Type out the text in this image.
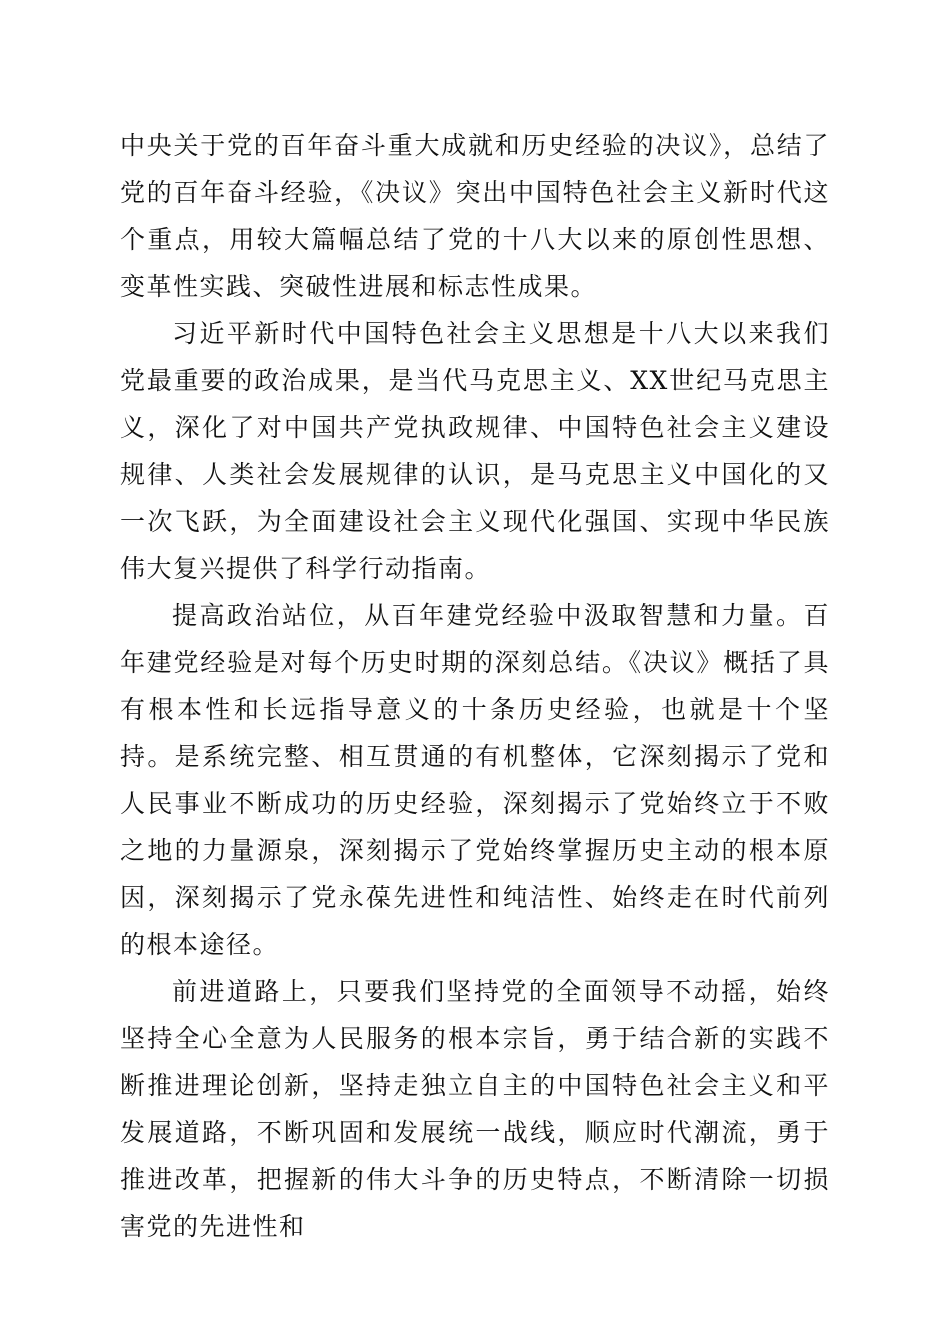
中央关于党的百年奋斗重大成就和历史经验的决议》，总结了党的百年奋斗经验，《决议》突出中国特色社会主义新时代这个重点，用较大篇幅总结了党的十八大以来的原创性思想、变革性实践、突破性进展和标志性成果。

习近平新时代中国特色社会主义思想是十八大以来我们党最重要的政治成果，是当代马克思主义、XX世纪马克思主义，深化了对中国共产党执政规律、中国特色社会主义建设规律、人类社会发展规律的认识，是马克思主义中国化的又一次飞跃，为全面建设社会主义现代化强国、实现中华民族伟大复兴提供了科学行动指南。

提高政治站位，从百年建党经验中汲取智慧和力量。百年建党经验是对每个历史时期的深刻总结。《决议》概括了具有根本性和长远指导意义的十条历史经验，也就是十个坚持。是系统完整、相互贯通的有机整体，它深刻揭示了党和人民事业不断成功的历史经验，深刻揭示了党始终立于不败之地的力量源泉，深刻揭示了党始终掌握历史主动的根本原因，深刻揭示了党永葆先进性和纯洁性、始终走在时代前列的根本途径。

前进道路上，只要我们坚持党的全面领导不动摇，始终坚持全心全意为人民服务的根本宗旨，勇于结合新的实践不断推进理论创新，坚持走独立自主的中国特色社会主义和平发展道路，不断巩固和发展统一战线，顺应时代潮流，勇于推进改革，把握新的伟大斗争的历史特点，不断清除一切损害党的先进性和
